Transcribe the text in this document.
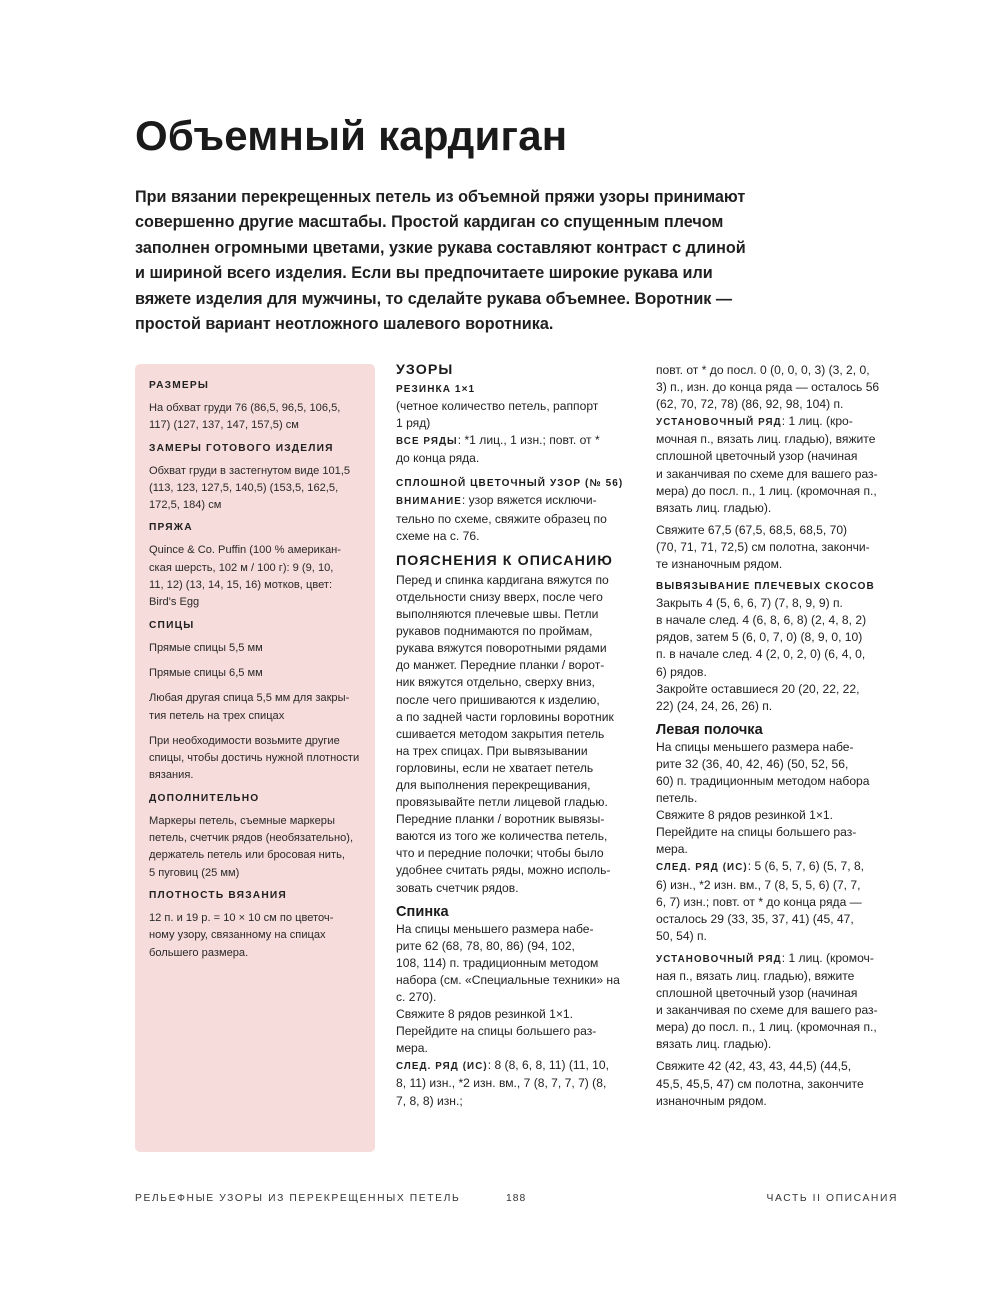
Объемный кардиган
При вязании перекрещенных петель из объемной пряжи узоры принимают
совершенно другие масштабы. Простой кардиган со спущенным плечом
заполнен огромными цветами, узкие рукава составляют контраст с длиной
и шириной всего изделия. Если вы предпочитаете широкие рукава или
вяжете изделия для мужчины, то сделайте рукава объемнее. Воротник —
простой вариант неотложного шалевого воротника.
РАЗМЕРЫ
На обхват груди 76 (86,5, 96,5, 106,5,
117) (127, 137, 147, 157,5) см
ЗАМЕРЫ ГОТОВОГО ИЗДЕЛИЯ
Обхват груди в застегнутом виде 101,5
(113, 123, 127,5, 140,5) (153,5, 162,5,
172,5, 184) см
ПРЯЖА
Quince & Co. Puffin (100 % американ-
ская шерсть, 102 м / 100 г): 9 (9, 10,
11, 12) (13, 14, 15, 16) мотков, цвет:
Bird's Egg
СПИЦЫ
Прямые спицы 5,5 мм
Прямые спицы 6,5 мм
Любая другая спица 5,5 мм для закры-
тия петель на трех спицах
При необходимости возьмите другие
спицы, чтобы достичь нужной плотности
вязания.
ДОПОЛНИТЕЛЬНО
Маркеры петель, съемные маркеры
петель, счетчик рядов (необязательно),
держатель петель или бросовая нить,
5 пуговиц (25 мм)
ПЛОТНОСТЬ ВЯЗАНИЯ
12 п. и 19 р. = 10 × 10 см по цветоч-
ному узору, связанному на спицах
большего размера.
УЗОРЫ
РЕЗИНКА 1×1
(четное количество петель, раппорт
1 ряд)
ВСЕ РЯДЫ: *1 лиц., 1 изн.; повт. от *
до конца ряда.
СПЛОШНОЙ ЦВЕТОЧНЫЙ УЗОР (№ 56)
ВНИМАНИЕ: узор вяжется исключи-
тельно по схеме, свяжите образец по
схеме на с. 76.
ПОЯСНЕНИЯ К ОПИСАНИЮ
Перед и спинка кардигана вяжутся по
отдельности снизу вверх, после чего
выполняются плечевые швы. Петли
рукавов поднимаются по проймам,
рукава вяжутся поворотными рядами
до манжет. Передние планки / ворот-
ник вяжутся отдельно, сверху вниз,
после чего пришиваются к изделию,
а по задней части горловины воротник
сшивается методом закрытия петель
на трех спицах. При вывязывании
горловины, если не хватает петель
для выполнения перекрещивания,
провязывайте петли лицевой гладью.
Передние планки / воротник вывязы-
ваются из того же количества петель,
что и передние полочки; чтобы было
удобнее считать ряды, можно исполь-
зовать счетчик рядов.
Спинка
На спицы меньшего размера набе-
рите 62 (68, 78, 80, 86) (94, 102,
108, 114) п. традиционным методом
набора (см. «Специальные техники» на
с. 270).
Свяжите 8 рядов резинкой 1×1.
Перейдите на спицы большего раз-
мера.
СЛЕД. РЯД (ИС): 8 (8, 6, 8, 11) (11, 10,
8, 11) изн., *2 изн. вм., 7 (8, 7, 7, 7) (8,
7, 8, 8) изн.;
повт. от * до посл. 0 (0, 0, 0, 3) (3, 2, 0,
3) п., изн. до конца ряда — осталось 56
(62, 70, 72, 78) (86, 92, 98, 104) п.
УСТАНОВОЧНЫЙ РЯД: 1 лиц. (кро-
мочная п., вязать лиц. гладью), вяжите
сплошной цветочный узор (начиная
и заканчивая по схеме для вашего раз-
мера) до посл. п., 1 лиц. (кромочная п.,
вязать лиц. гладью).
Свяжите 67,5 (67,5, 68,5, 68,5, 70)
(70, 71, 71, 72,5) см полотна, закончи-
те изнаночным рядом.
ВЫВЯЗЫВАНИЕ ПЛЕЧЕВЫХ СКОСОВ
Закрыть 4 (5, 6, 6, 7) (7, 8, 9, 9) п.
в начале след. 4 (6, 8, 6, 8) (2, 4, 8, 2)
рядов, затем 5 (6, 0, 7, 0) (8, 9, 0, 10)
п. в начале след. 4 (2, 0, 2, 0) (6, 4, 0,
6) рядов.
Закройте оставшиеся 20 (20, 22, 22,
22) (24, 24, 26, 26) п.
Левая полочка
На спицы меньшего размера набе-
рите 32 (36, 40, 42, 46) (50, 52, 56,
60) п. традиционным методом набора
петель.
Свяжите 8 рядов резинкой 1×1.
Перейдите на спицы большего раз-
мера.
СЛЕД. РЯД (ИС): 5 (6, 5, 7, 6) (5, 7, 8,
6) изн., *2 изн. вм., 7 (8, 5, 5, 6) (7, 7,
6, 7) изн.; повт. от * до конца ряда —
осталось 29 (33, 35, 37, 41) (45, 47,
50, 54) п.
УСТАНОВОЧНЫЙ РЯД: 1 лиц. (кромоч-
ная п., вязать лиц. гладью), вяжите
сплошной цветочный узор (начиная
и заканчивая по схеме для вашего раз-
мера) до посл. п., 1 лиц. (кромочная п.,
вязать лиц. гладью).
Свяжите 42 (42, 43, 43, 44,5) (44,5,
45,5, 45,5, 47) см полотна, закончите
изнаночным рядом.
РЕЛЬЕФНЫЕ УЗОРЫ ИЗ ПЕРЕКРЕЩЕННЫХ ПЕТЕЛЬ	188	ЧАСТЬ II ОПИСАНИЯ
